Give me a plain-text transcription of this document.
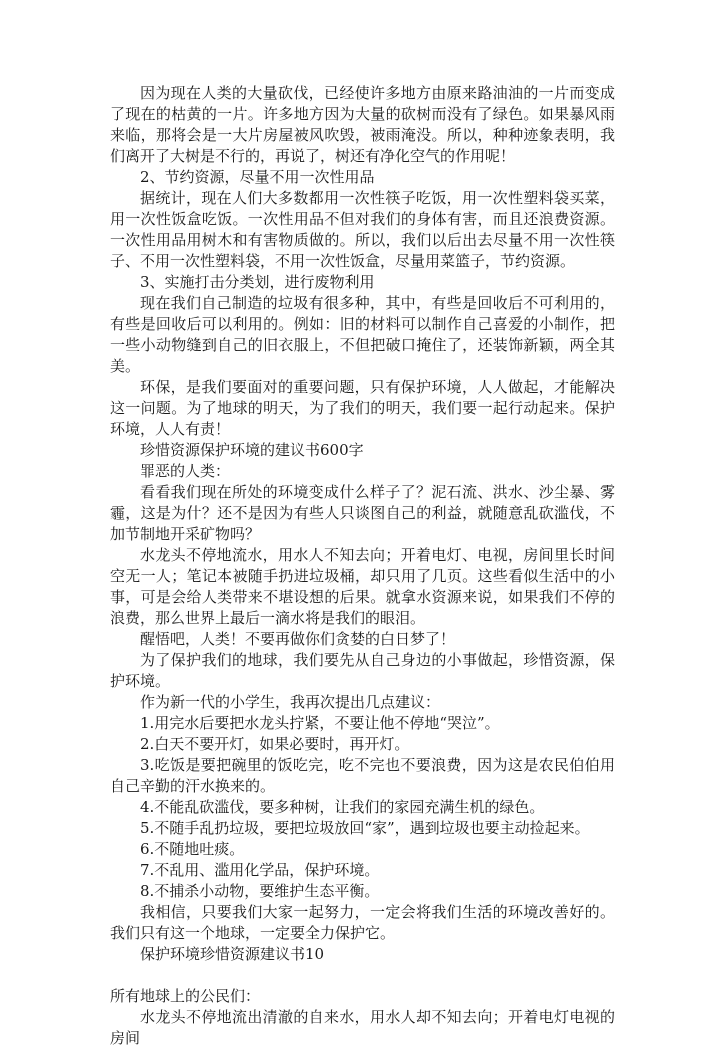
因为现在人类的大量砍伐，已经使许多地方由原来路油油的一片而变成了现在的枯黄的一片。许多地方因为大量的砍树而没有了绿色。如果暴风雨来临，那将会是一大片房屋被风吹毁，被雨淹没。所以，种种迹象表明，我们离开了大树是不行的，再说了，树还有净化空气的作用呢！

2、节约资源，尽量不用一次性用品

据统计，现在人们大多数都用一次性筷子吃饭，用一次性塑料袋买菜，用一次性饭盒吃饭。一次性用品不但对我们的身体有害，而且还浪费资源。一次性用品用树木和有害物质做的。所以，我们以后出去尽量不用一次性筷子、不用一次性塑料袋，不用一次性饭盒，尽量用菜篮子，节约资源。

3、实施打击分类划，进行废物利用

现在我们自己制造的垃圾有很多种，其中，有些是回收后不可利用的，有些是回收后可以利用的。例如：旧的材料可以制作自己喜爱的小制作，把一些小动物缝到自己的旧衣服上，不但把破口掩住了，还装饰新颖，两全其美。

环保，是我们要面对的重要问题，只有保护环境，人人做起，才能解决这一问题。为了地球的明天，为了我们的明天，我们要一起行动起来。保护环境，人人有责！

珍惜资源保护环境的建议书600字

罪恶的人类：

看看我们现在所处的环境变成什么样子了？泥石流、洪水、沙尘暴、雾霾，这是为什？还不是因为有些人只谈图自己的利益，就随意乱砍滥伐，不加节制地开采矿物吗？

水龙头不停地流水，用水人不知去向；开着电灯、电视，房间里长时间空无一人；笔记本被随手扔进垃圾桶，却只用了几页。这些看似生活中的小事，可是会给人类带来不堪设想的后果。就拿水资源来说，如果我们不停的浪费，那么世界上最后一滴水将是我们的眼泪。

醒悟吧，人类！不要再做你们贪婪的白日梦了！

为了保护我们的地球，我们要先从自己身边的小事做起，珍惜资源，保护环境。

作为新一代的小学生，我再次提出几点建议：

1.用完水后要把水龙头拧紧，不要让他不停地“哭泣”。

2.白天不要开灯，如果必要时，再开灯。

3.吃饭是要把碗里的饭吃完，吃不完也不要浪费，因为这是农民伯伯用自己辛勤的汗水换来的。

4.不能乱砍滥伐，要多种树，让我们的家园充满生机的绿色。

5.不随手乱扔垃圾，要把垃圾放回“家”，遇到垃圾也要主动捡起来。

6.不随地吐痰。

7.不乱用、滥用化学品，保护环境。

8.不捕杀小动物，要维护生态平衡。

我相信，只要我们大家一起努力，一定会将我们生活的环境改善好的。我们只有这一个地球，一定要全力保护它。

保护环境珍惜资源建议书10

所有地球上的公民们：

水龙头不停地流出清澈的自来水，用水人却不知去向；开着电灯电视的房间
